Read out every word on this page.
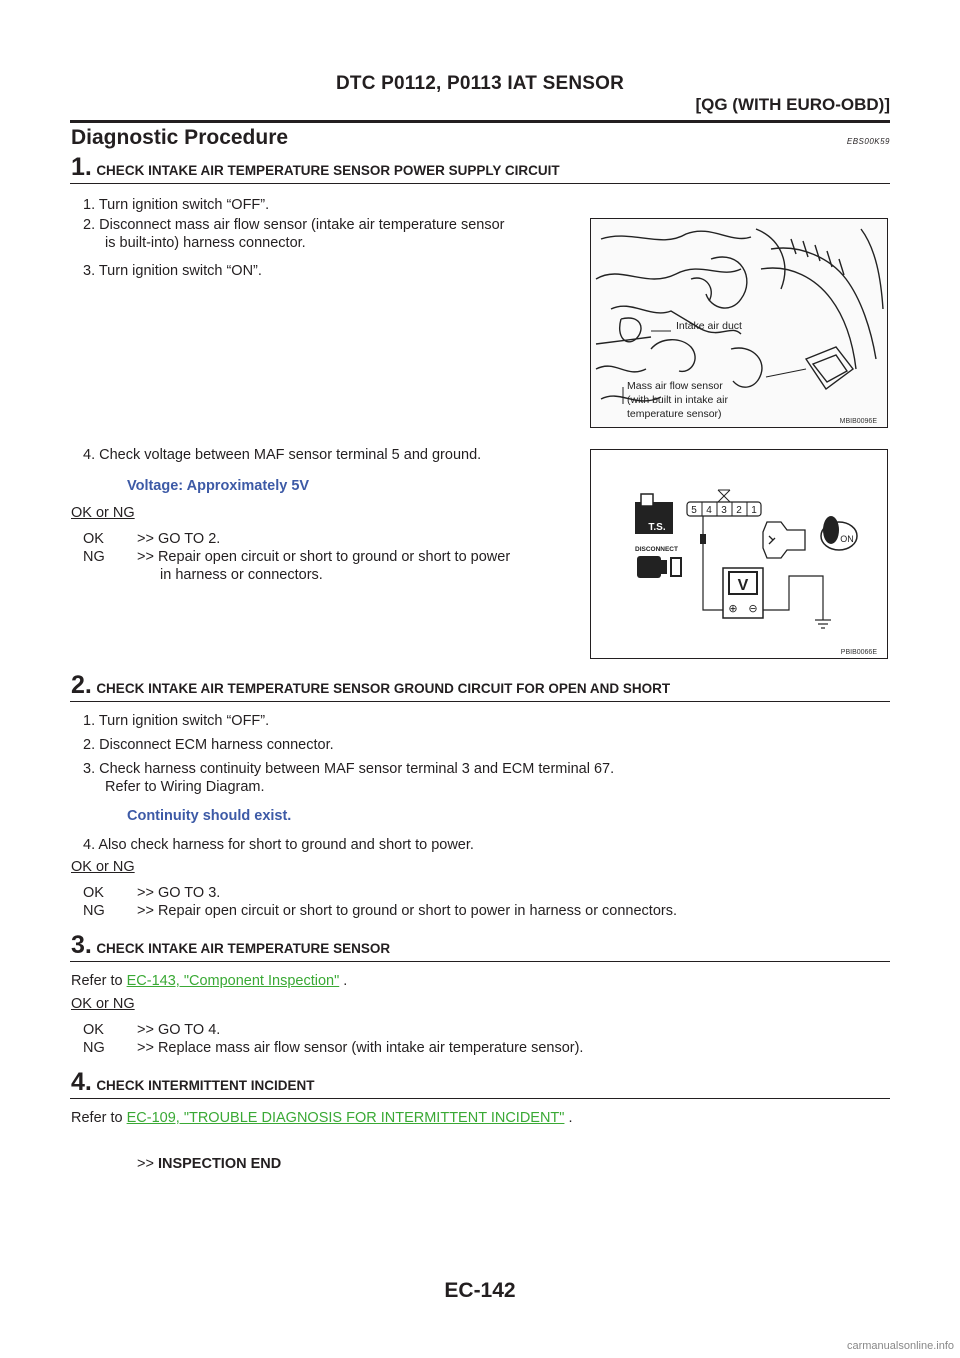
DTC P0112, P0113 IAT SENSOR
[QG (WITH EURO-OBD)]
Diagnostic Procedure	EBS00K59
1. CHECK INTAKE AIR TEMPERATURE SENSOR POWER SUPPLY CIRCUIT
1. Turn ignition switch “OFF”.
2. Disconnect mass air flow sensor (intake air temperature sensor
is built-into) harness connector.
3. Turn ignition switch “ON”.
Intake air duct
Mass air flow sensor
(with built in intake air
temperature sensor)
MBIB0096E
4. Check voltage between MAF sensor terminal 5 and ground.
Voltage: Approximately 5V
OK or NG
OK >> GO TO 2.
NG >> Repair open circuit or short to ground or short to power
in harness or connectors.
T.S.
DISCONNECT
5 4 3 2 1
ON
V
⊕ ⊖
PBIB0066E
2. CHECK INTAKE AIR TEMPERATURE SENSOR GROUND CIRCUIT FOR OPEN AND SHORT
1. Turn ignition switch “OFF”.
2. Disconnect ECM harness connector.
3. Check harness continuity between MAF sensor terminal 3 and ECM terminal 67.
Refer to Wiring Diagram.
Continuity should exist.
4. Also check harness for short to ground and short to power.
OK or NG
OK >> GO TO 3.
NG >> Repair open circuit or short to ground or short to power in harness or connectors.
3. CHECK INTAKE AIR TEMPERATURE SENSOR
Refer to EC-143, "Component Inspection" .
OK or NG
OK >> GO TO 4.
NG >> Replace mass air flow sensor (with intake air temperature sensor).
4. CHECK INTERMITTENT INCIDENT
Refer to EC-109, "TROUBLE DIAGNOSIS FOR INTERMITTENT INCIDENT" .
>> INSPECTION END
EC-142
carmanualsonline.info
